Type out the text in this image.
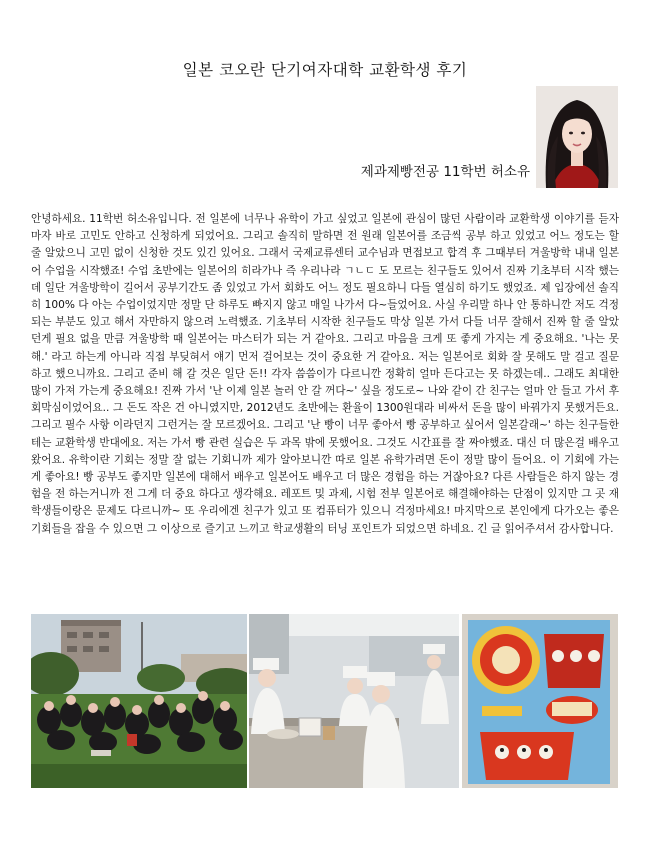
일본 코오란 단기여자대학 교환학생 후기
제과제빵전공 11학번 허소유

안녕하세요. 11학번 허소유입니다. 전 일본에 너무나 유학이 가고 싶었고 일본에 관심이 많던 사람이라 교환학생 이야기를 듣자마자 바로 고민도 안하고 신청하게 되었어요. 그리고 솔직히 말하면 전 원래 일본어를 조금씩 공부 하고 있었고 어느 정도는 할 줄 알았으니 고민 없이 신청한 것도 있긴 있어요. 그래서 국제교류센터 교수님과 면접보고 합격 후 그때부터 겨울방학 내내 일본어 수업을 시작했죠! 수업 초반에는 일본어의 히라가나 즉 우리나라 ㄱㄴㄷ 도 모르는 친구들도 있어서 진짜 기초부터 시작 했는데 일단 겨울방학이 길어서 공부기간도 좀 있었고 가서 회화도 어느 정도 필요하니 다들 열심히 하기도 했었죠. 제 입장에선 솔직히 100% 다 아는 수업이었지만 정말 단 하루도 빠지지 않고 매일 나가서 다~들었어요. 사실 우리말 하나 안 통하니깐 저도 걱정되는 부분도 있고 해서 자만하지 않으려 노력했죠. 기초부터 시작한 친구들도 막상 일본 가서 다들 너무 잘해서 진짜 할 줄 알았던게 필요 없을 만큼 겨울방학 때 일본어는 마스터가 되는 거 같아요. 그리고 마음을 크게 또 좋게 가지는 게 중요해요. '나는 못 해.' 라고 하는게 아니라 직접 부딪혀서 얘기 먼저 걸어보는 것이 중요한 거 같아요. 저는 일본어로 회화 잘 못해도 말 걸고 질문하고 했으니까요. 그리고 준비 해 갈 것은 일단 돈!! 각자 씀씀이가 다르니깐 정확히 얼마 든다고는 못 하겠는데.. 그래도 최대한 많이 가져 가는게 중요해요! 진짜 가서 '난 이제 일본 놀러 안 갈 꺼다~' 싶을 정도로~ 나와 같이 간 친구는 얼마 안 들고 가서 후회막심이었어요.. 그 돈도 작은 건 아니였지만, 2012년도 초반에는 환율이 1300원대라 비싸서 돈을 많이 바꿔가지 못했거든요. 그리고 필수 사항 이라던지 그런거는 잘 모르겠어요. 그리고 '난 빵이 너무 좋아서 빵 공부하고 싶어서 일본갈래~' 하는 친구들한테는 교환학생 반대에요. 저는 가서 빵 관련 실습은 두 과목 밖에 못했어요. 그것도 시간표를 잘 짜야했죠. 대신 더 많은걸 배우고 왔어요. 유학이란 기회는 정말 잘 없는 기회니까 제가 알아보니깐 따로 일본 유학가려면 돈이 정말 많이 들어요. 이 기회에 가는 게 좋아요! 빵 공부도 좋지만 일본에 대해서 배우고 일본어도 배우고 더 많은 경험을 하는 거잖아요? 다른 사람들은 하지 않는 경험을 전 하는거니까 전 그게 더 중요 하다고 생각해요. 레포트 및 과제, 시험 전부 일본어로 해결해야하는 단점이 있지만 그 곳 재학생들이랑은 문제도 다르니까~ 또 우리에겐 친구가 있고 또 컴퓨터가 있으니 걱정마세요! 마지막으로 본인에게 다가오는 좋은 기회들을 잡을 수 있으면 그 이상으로 즐기고 느끼고 학교생활의 터닝 포인트가 되었으면 하네요. 긴 글 읽어주셔서 감사합니다.
